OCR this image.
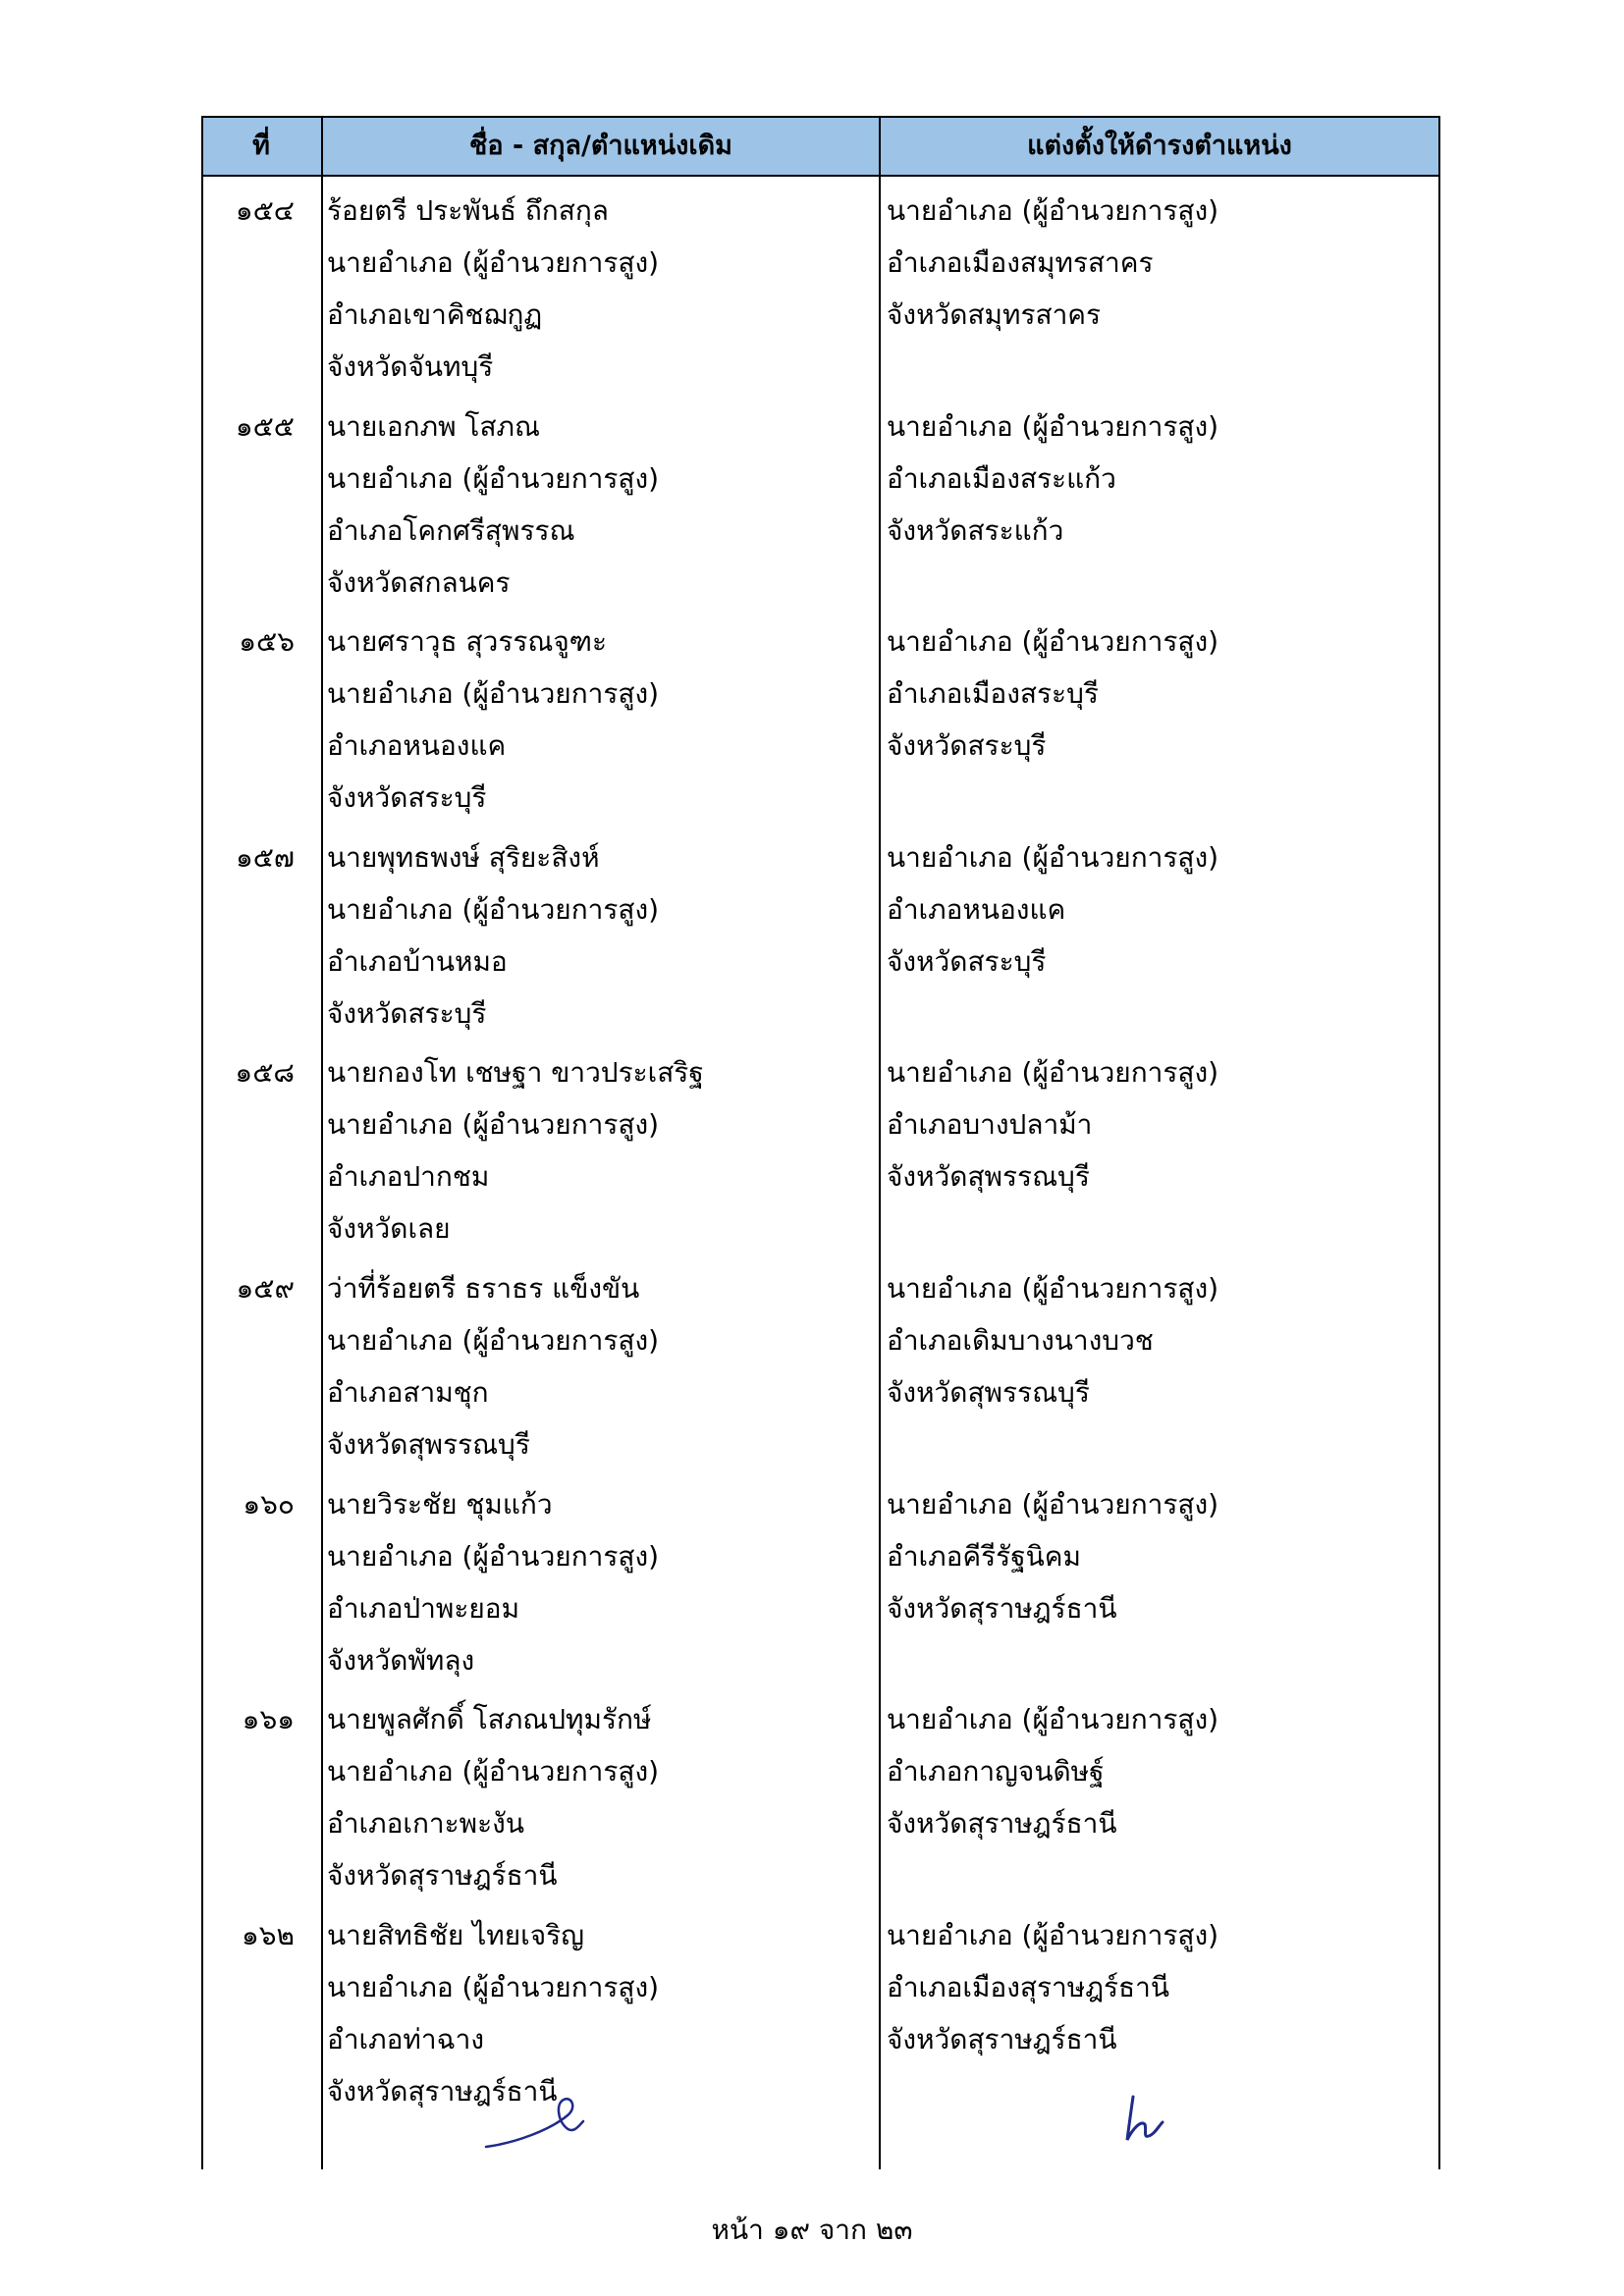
ที่	ชื่อ - สกุล/ตำแหน่งเดิม	แต่งตั้งให้ดำรงตำแหน่ง
๑๕๔ ร้อยตรี ประพันธ์ ถึกสกุล
นายอำเภอ (ผู้อำนวยการสูง)
อำเภอเขาคิชฌกูฏ
จังหวัดจันทบุรี
นายอำเภอ (ผู้อำนวยการสูง)
อำเภอเมืองสมุทรสาคร
จังหวัดสมุทรสาคร
๑๕๕ นายเอกภพ โสภณ
นายอำเภอ (ผู้อำนวยการสูง)
อำเภอโคกศรีสุพรรณ
จังหวัดสกลนคร
นายอำเภอ (ผู้อำนวยการสูง)
อำเภอเมืองสระแก้ว
จังหวัดสระแก้ว
๑๕๖ นายศราวุธ สุวรรณจูฑะ
นายอำเภอ (ผู้อำนวยการสูง)
อำเภอหนองแค
จังหวัดสระบุรี
นายอำเภอ (ผู้อำนวยการสูง)
อำเภอเมืองสระบุรี
จังหวัดสระบุรี
๑๕๗ นายพุทธพงษ์ สุริยะสิงห์
นายอำเภอ (ผู้อำนวยการสูง)
อำเภอบ้านหมอ
จังหวัดสระบุรี
นายอำเภอ (ผู้อำนวยการสูง)
อำเภอหนองแค
จังหวัดสระบุรี
๑๕๘ นายกองโท เชษฐา ขาวประเสริฐ
นายอำเภอ (ผู้อำนวยการสูง)
อำเภอปากชม
จังหวัดเลย
นายอำเภอ (ผู้อำนวยการสูง)
อำเภอบางปลาม้า
จังหวัดสุพรรณบุรี
๑๕๙ ว่าที่ร้อยตรี ธราธร แข็งขัน
นายอำเภอ (ผู้อำนวยการสูง)
อำเภอสามชุก
จังหวัดสุพรรณบุรี
นายอำเภอ (ผู้อำนวยการสูง)
อำเภอเดิมบางนางบวช
จังหวัดสุพรรณบุรี
๑๖๐ นายวิระชัย ชุมแก้ว
นายอำเภอ (ผู้อำนวยการสูง)
อำเภอป่าพะยอม
จังหวัดพัทลุง
นายอำเภอ (ผู้อำนวยการสูง)
อำเภอคีรีรัฐนิคม
จังหวัดสุราษฎร์ธานี
๑๖๑ นายพูลศักดิ์ โสภณปทุมรักษ์
นายอำเภอ (ผู้อำนวยการสูง)
อำเภอเกาะพะงัน
จังหวัดสุราษฎร์ธานี
นายอำเภอ (ผู้อำนวยการสูง)
อำเภอกาญจนดิษฐ์
จังหวัดสุราษฎร์ธานี
๑๖๒ นายสิทธิชัย ไทยเจริญ
นายอำเภอ (ผู้อำนวยการสูง)
อำเภอท่าฉาง
จังหวัดสุราษฎร์ธานี
นายอำเภอ (ผู้อำนวยการสูง)
อำเภอเมืองสุราษฎร์ธานี
จังหวัดสุราษฎร์ธานี
หน้า ๑๙ จาก ๒๓
